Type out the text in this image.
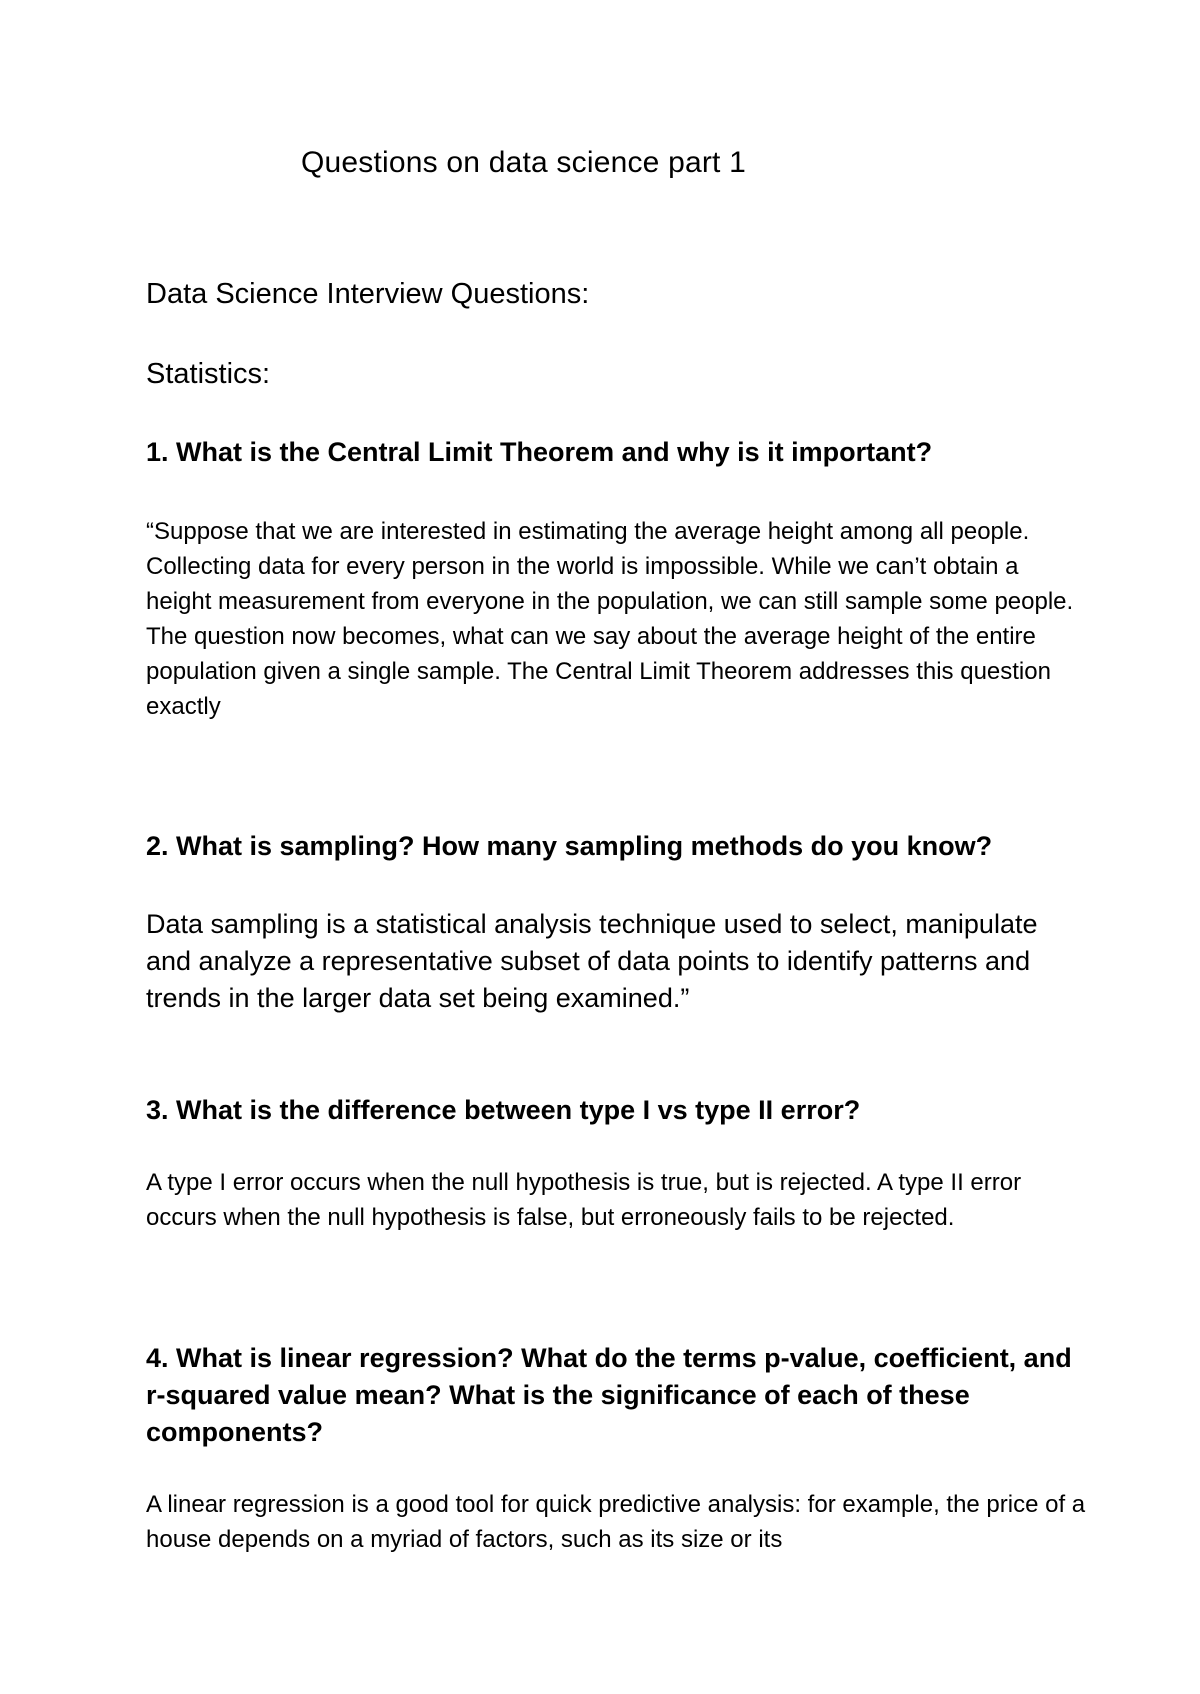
Questions on data science part 1
Data Science Interview Questions:
Statistics:

1. What is the Central Limit Theorem and why is it important?

“Suppose that we are interested in estimating the average height among all people. Collecting data for every person in the world is impossible. While we can’t obtain a height measurement from everyone in the population, we can still sample some people. The question now becomes, what can we say about the average height of the entire population given a single sample. The Central Limit Theorem addresses this question exactly

2. What is sampling? How many sampling methods do you know?

Data sampling is a statistical analysis technique used to select, manipulate and analyze a representative subset of data points to identify patterns and trends in the larger data set being examined.”

3. What is the difference between type I vs type II error?

A type I error occurs when the null hypothesis is true, but is rejected. A type II error occurs when the null hypothesis is false, but erroneously fails to be rejected.

4. What is linear regression? What do the terms p-value, coefficient, and r-squared value mean? What is the significance of each of these components?

A linear regression is a good tool for quick predictive analysis: for example, the price of a house depends on a myriad of factors, such as its size or its
